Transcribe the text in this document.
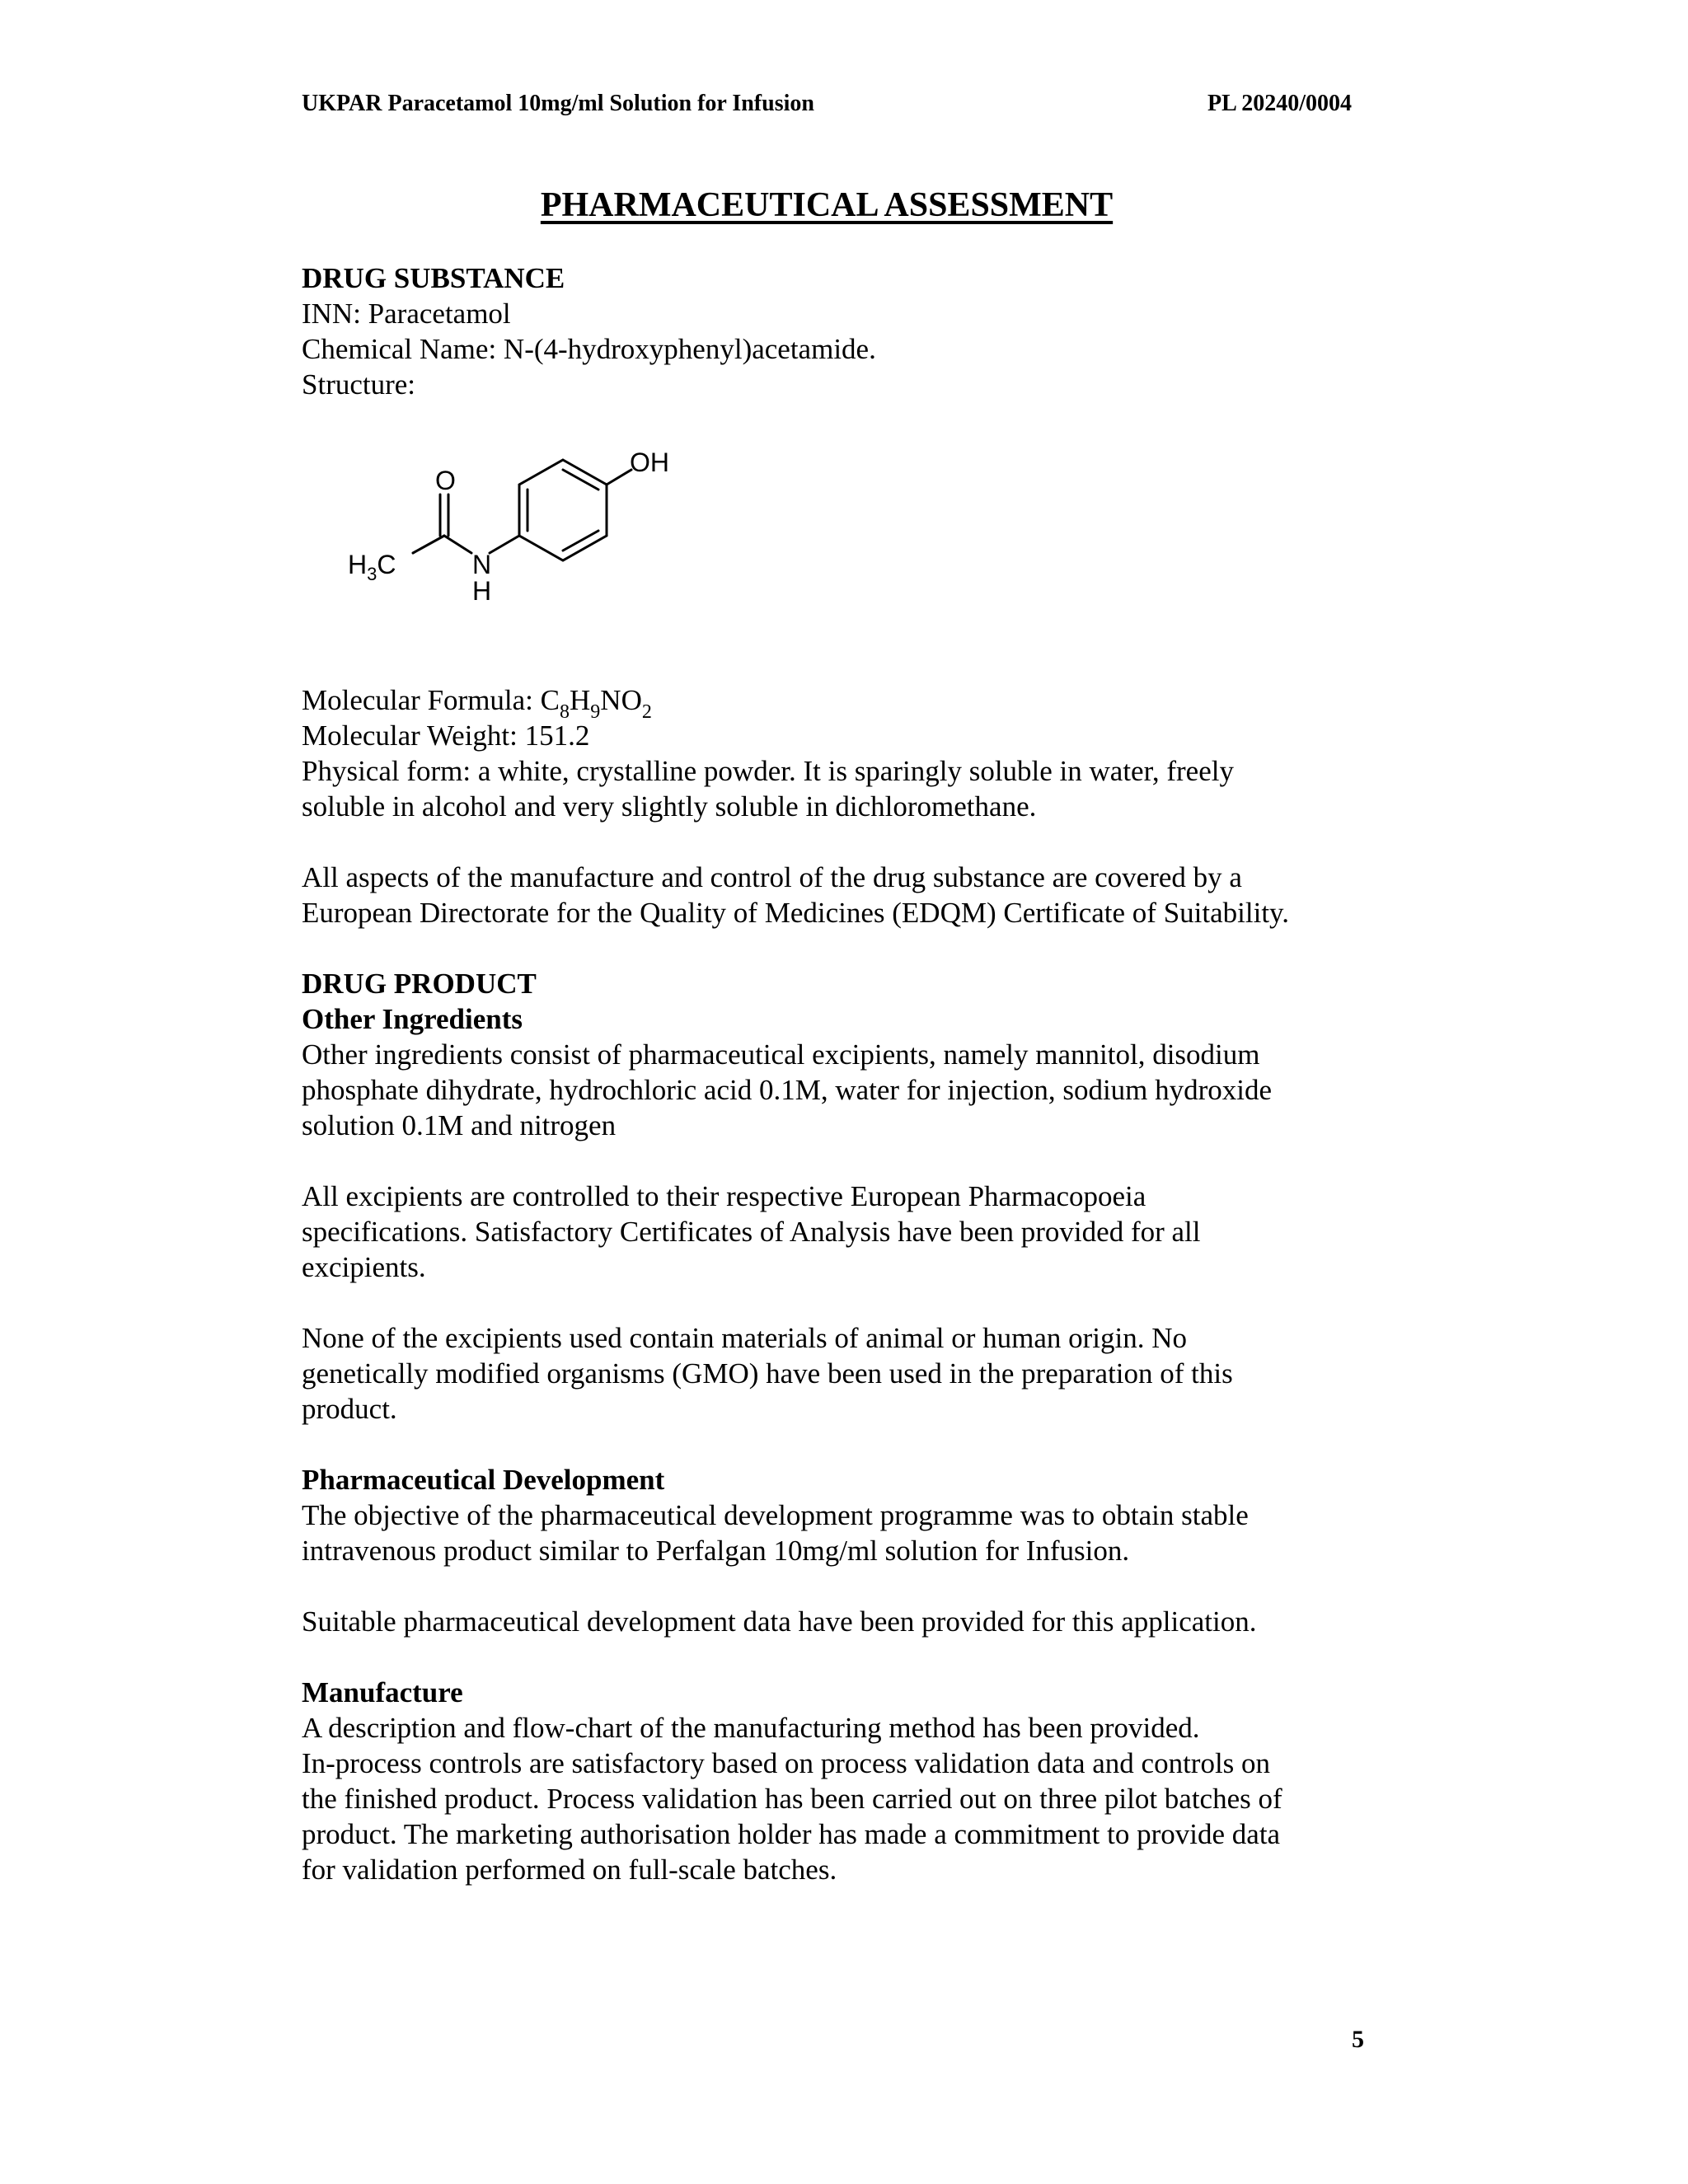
UKPAR Paracetamol 10mg/ml Solution for Infusion	PL 20240/0004
PHARMACEUTICAL ASSESSMENT
DRUG SUBSTANCE
INN: Paracetamol
Chemical Name: N-(4-hydroxyphenyl)acetamide.
Structure:
OH
O
$H_3C$	N
H
Molecular Formula: $C_8H_9NO_2$
Molecular Weight: 151.2
Physical form: a white, crystalline powder. It is sparingly soluble in water, freely
soluble in alcohol and very slightly soluble in dichloromethane.
All aspects of the manufacture and control of the drug substance are covered by a
European Directorate for the Quality of Medicines (EDQM) Certificate of Suitability.
DRUG PRODUCT
Other Ingredients
Other ingredients consist of pharmaceutical excipients, namely mannitol, disodium
phosphate dihydrate, hydrochloric acid 0.1M, water for injection, sodium hydroxide
solution 0.1M and nitrogen
All excipients are controlled to their respective European Pharmacopoeia
specifications. Satisfactory Certificates of Analysis have been provided for all
excipients.
None of the excipients used contain materials of animal or human origin. No
genetically modified organisms (GMO) have been used in the preparation of this
product.
Pharmaceutical Development
The objective of the pharmaceutical development programme was to obtain stable
intravenous product similar to Perfalgan 10mg/ml solution for Infusion.
Suitable pharmaceutical development data have been provided for this application.
Manufacture
A description and flow-chart of the manufacturing method has been provided.
In-process controls are satisfactory based on process validation data and controls on
the finished product. Process validation has been carried out on three pilot batches of
product. The marketing authorisation holder has made a commitment to provide data
for validation performed on full-scale batches.
5
